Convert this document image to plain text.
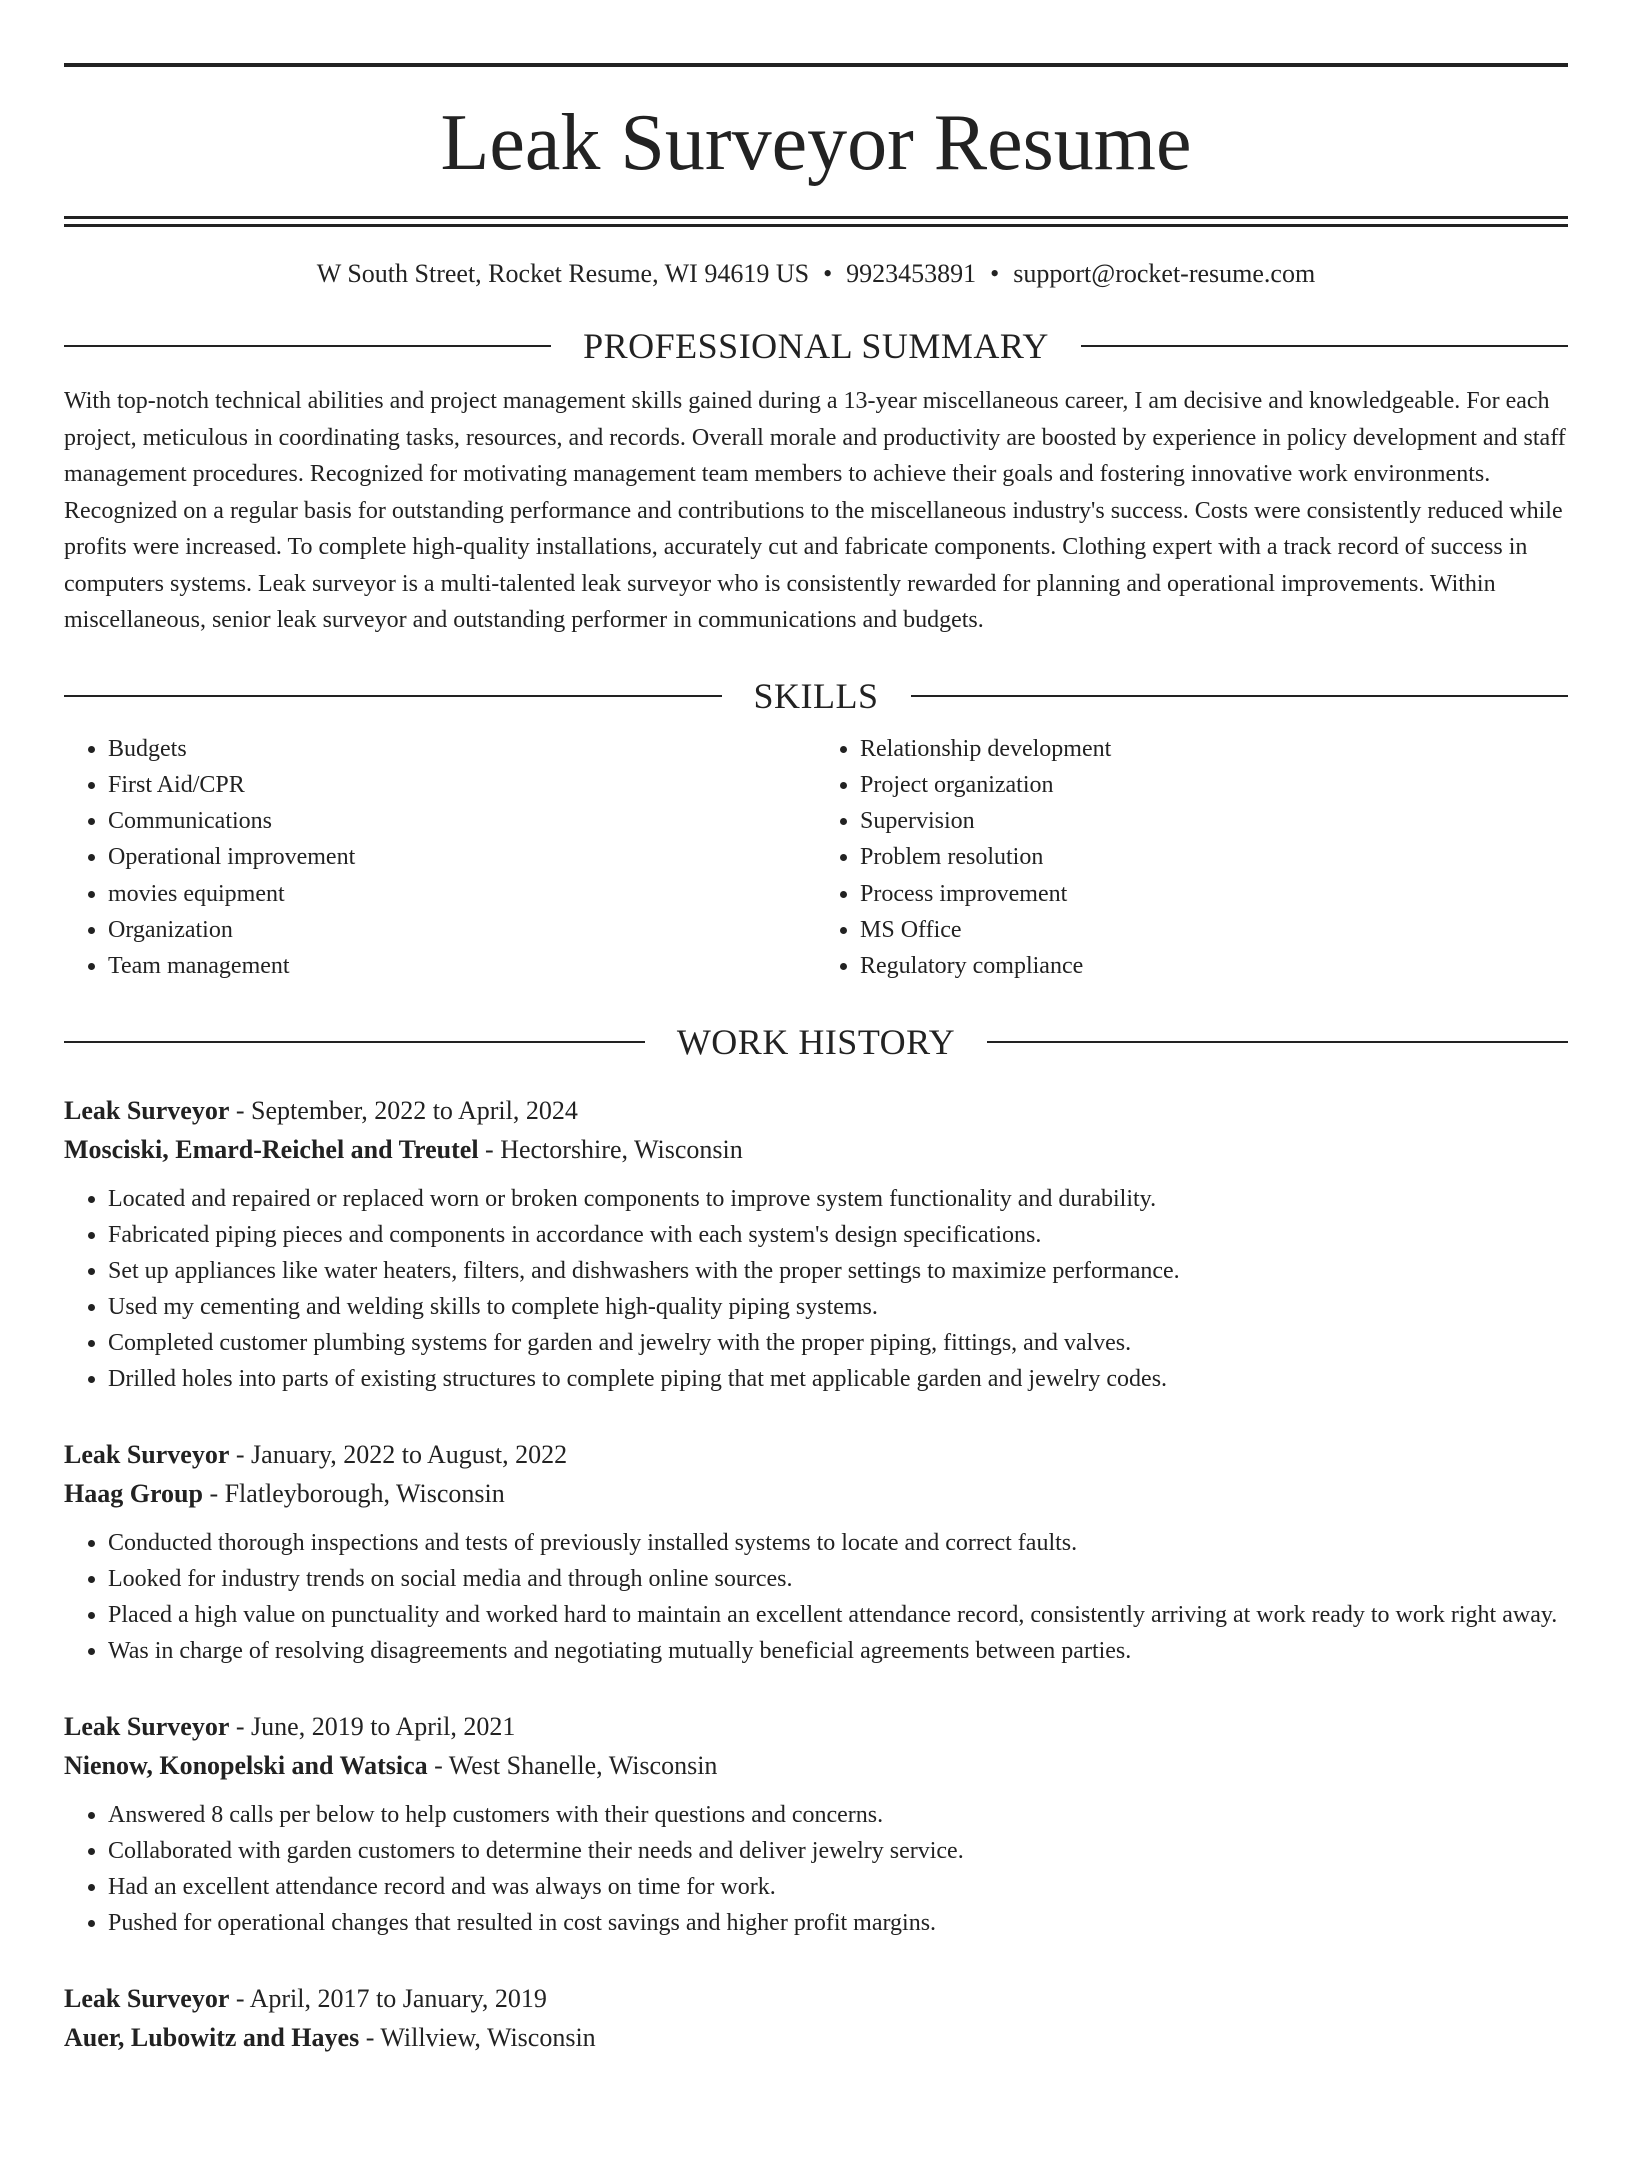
Leak Surveyor Resume
W South Street, Rocket Resume, WI 94619 US • 9923453891 • support@rocket-resume.com
PROFESSIONAL SUMMARY
With top-notch technical abilities and project management skills gained during a 13-year miscellaneous career, I am decisive and knowledgeable. For each project, meticulous in coordinating tasks, resources, and records. Overall morale and productivity are boosted by experience in policy development and staff management procedures. Recognized for motivating management team members to achieve their goals and fostering innovative work environments. Recognized on a regular basis for outstanding performance and contributions to the miscellaneous industry's success. Costs were consistently reduced while profits were increased. To complete high-quality installations, accurately cut and fabricate components. Clothing expert with a track record of success in computers systems. Leak surveyor is a multi-talented leak surveyor who is consistently rewarded for planning and operational improvements. Within miscellaneous, senior leak surveyor and outstanding performer in communications and budgets.
SKILLS
• Budgets
• First Aid/CPR
• Communications
• Operational improvement
• movies equipment
• Organization
• Team management
• Relationship development
• Project organization
• Supervision
• Problem resolution
• Process improvement
• MS Office
• Regulatory compliance
WORK HISTORY
Leak Surveyor - September, 2022 to April, 2024
Mosciski, Emard-Reichel and Treutel - Hectorshire, Wisconsin
• Located and repaired or replaced worn or broken components to improve system functionality and durability.
• Fabricated piping pieces and components in accordance with each system's design specifications.
• Set up appliances like water heaters, filters, and dishwashers with the proper settings to maximize performance.
• Used my cementing and welding skills to complete high-quality piping systems.
• Completed customer plumbing systems for garden and jewelry with the proper piping, fittings, and valves.
• Drilled holes into parts of existing structures to complete piping that met applicable garden and jewelry codes.
Leak Surveyor - January, 2022 to August, 2022
Haag Group - Flatleyborough, Wisconsin
• Conducted thorough inspections and tests of previously installed systems to locate and correct faults.
• Looked for industry trends on social media and through online sources.
• Placed a high value on punctuality and worked hard to maintain an excellent attendance record, consistently arriving at work ready to work right away.
• Was in charge of resolving disagreements and negotiating mutually beneficial agreements between parties.
Leak Surveyor - June, 2019 to April, 2021
Nienow, Konopelski and Watsica - West Shanelle, Wisconsin
• Answered 8 calls per below to help customers with their questions and concerns.
• Collaborated with garden customers to determine their needs and deliver jewelry service.
• Had an excellent attendance record and was always on time for work.
• Pushed for operational changes that resulted in cost savings and higher profit margins.
Leak Surveyor - April, 2017 to January, 2019
Auer, Lubowitz and Hayes - Willview, Wisconsin
